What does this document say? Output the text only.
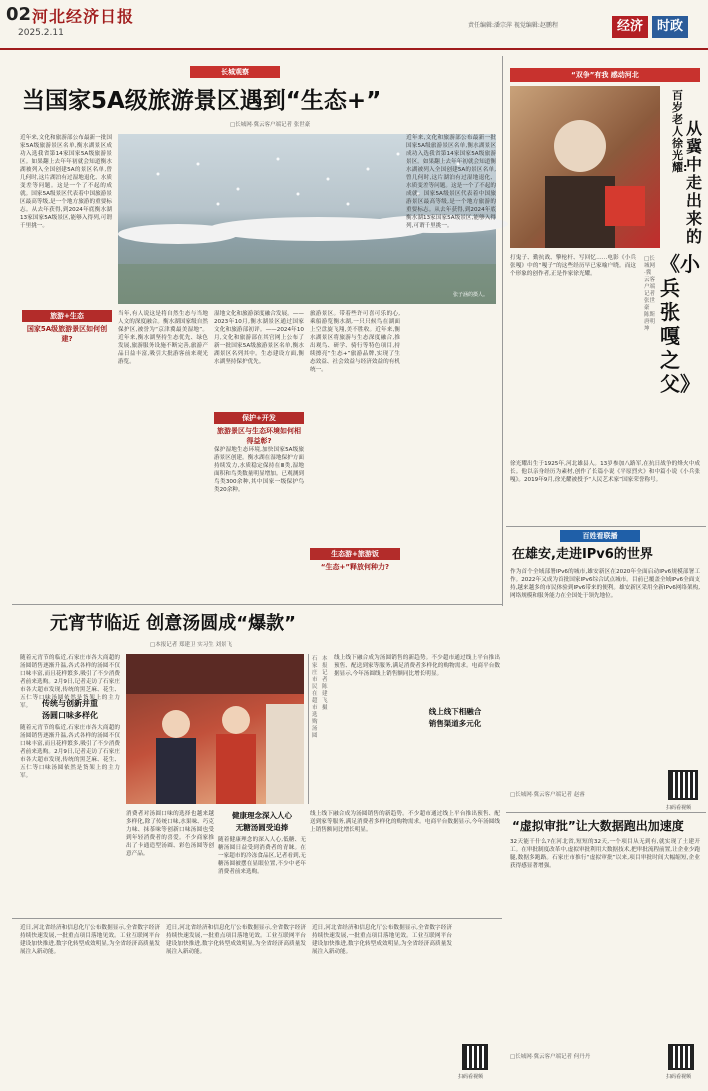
02 河北经济日报
2025.2.11
责任编辑:潘宗萍 视觉编辑:赵鹏程	经济	时政
长城观察
当国家5A级旅游景区遇到“生态+”
□长城网·冀云客户端记者 张世豪
近年来,文化和旅游部公布最新一批国家5A级旅游景区名单,衡水湖景区成功入选我省第14家国家5A级旅游景区。如果翻上去年年初就会知道衡水湖被列入全国创建5A的景区名单,曾几何时,这片湖泊有过湿地退化、水质变差等问题。这是一个了不起的成就。国家5A级景区代表着中国旅游景区最高等级,是一个地方旅游的重要标志。从去年获得,到2024年底衡水湖13家国家5A级景区,能够入得列,可谓千里挑一。
张子涵的摄人。
旅游+生态
国家5A级旅游景区如何创建?
当年,有人说这是将自然生态与当地人文的深度融合。衡水湖国家级自然保护区,被誉为“京津冀最美湿地”。近年来,衡水湖坚持生态优先、绿色发展,旅游服务设施不断完善,旅游产品日益丰富,吸引大批游客前来观光游览。
保护+开发
旅游景区与生态环境如何相得益彰?
湿地文化和旅游深度融合发展。——2023年10月,衡水湖景区通过国家文化和旅游部初评。——2024年10月,文化和旅游部在其官网上公布了新一批国家5A级旅游景区名单,衡水湖景区名列其中。生态建设方面,衡水湖坚持保护优先。
保护湿地生态环境,加快国家5A级旅游景区创建。衡水湖在湿地保护方面持续发力,水质稳定保持在Ⅲ类,湿地面积和鸟类数量明显增加。已观测到鸟类300余种,其中国家一级保护鸟类20余种。
旅游景区。带着些许可喜可乐的心,乘船游览衡水湖,一只只候鸟在湖面上空盘旋飞翔,美不胜收。近年来,衡水湖景区将旅游与生态深度融合,推出观鸟、研学、骑行等特色项目,持续擦亮“生态+”旅游品牌,实现了生态效益、社会效益与经济效益的有机统一。
生态游+旅游饭
“生态+”释放何种力?
近年来,文化和旅游部公布最新一批国家5A级旅游景区名单,衡水湖景区成功入选我省第14家国家5A级旅游景区。如果翻上去年年初就会知道衡水湖被列入全国创建5A的景区名单,曾几何时,这片湖泊有过湿地退化、水质变差等问题。这是一个了不起的成就。国家5A级景区代表着中国旅游景区最高等级,是一个地方旅游的重要标志。从去年获得,到2024年底衡水湖13家国家5A级景区,能够入得列,可谓千里挑一。
“双争”有我 感动河北
百岁老人徐光耀:
从冀中走出来的
《小兵张嘎之父》
□长城网·冀云客户端记者 张世豪 陈斯 唐明坤
打鬼子、勤抗战、擎枪杆、写回忆……电影《小兵张嘎》中的“嘎子”的这些经历早已家喻户晓。而这个形象的创作者,正是作家徐光耀。
徐光耀出生于1925年,河北雄县人。13岁参加八路军,在抗日战争的烽火中成长。他以亲身经历为素材,创作了长篇小说《平原烈火》和中篇小说《小兵张嘎》。2019年9月,徐光耀被授予“人民艺术家”国家荣誉称号。
百姓看联播
在雄安,走进IPv6的世界
作为首个全域部署IPv6的城市,雄安新区在2020年全面启动IPv6规模部署工作。2022年又成为首批国家IPv6综合试点城市。目前已覆盖全域IPv6全面支持,越来越多的市民体验到IPv6带来的便利。雄安新区采用全新IPv6网络架构,网络规模和服务能力在全国处于领先地位。
扫码看视频
□长城网·冀云客户端记者 赵睿
“虚拟审批”让大数据跑出加速度
32天能干什么?在河北省,短短的32天,一个项目从无到有,就实现了土建开工。在审批制度改革中,虚拟审批利用大数据技术,把审批流程前置,让企业少跑腿,数据多跑路。石家庄市推行“虚拟审批”以来,项目审批时间大幅缩短,企业获得感显著增强。
□长城网·冀云客户端记者 何丹丹
扫码看视频
元宵节临近 创意汤圆成“爆款”
□本报记者 郑建卫 实习生 刘景飞
随着元宵节的临近,石家庄市各大商超的汤圆销售逐渐升温,各式各样的汤圆不仅口味丰富,而且花样繁多,吸引了不少消费者前来选购。2月9日,记者走访了石家庄市各大超市发现,传统的黑芝麻、花生、五仁等口味汤圆依然是货架上的主力军。	传统与创新并重
汤圆口味多样化
随着元宵节的临近,石家庄市各大商超的汤圆销售逐渐升温,各式各样的汤圆不仅口味丰富,而且花样繁多,吸引了不少消费者前来选购。2月9日,记者走访了石家庄市各大超市发现,传统的黑芝麻、花生、五仁等口味汤圆依然是货架上的主力军。
石家庄市民在超市选购汤圆
本报记者 陈建飞摄
线上线下融合成为汤圆销售的新趋势。不少超市通过线上平台推出预售、配送到家等服务,满足消费者多样化的购物需求。电商平台数据显示,今年汤圆线上销售额同比增长明显。
消费者对汤圆口味的选择也越来越多样化,除了传统口味,水果味、巧克力味、抹茶味等创新口味汤圆也受到年轻消费者的喜爱。不少商家推出了卡通造型汤圆、彩色汤圆等创意产品。
健康理念深入人心
无糖汤圆受追捧
随着健康理念的深入人心,低糖、无糖汤圆日益受到消费者的青睐。在一家超市的冷冻食品区,记者看到,无糖汤圆被摆在显眼位置,不少中老年消费者前来选购。
线上线下相融合
销售渠道多元化
线上线下融合成为汤圆销售的新趋势。不少超市通过线上平台推出预售、配送到家等服务,满足消费者多样化的购物需求。电商平台数据显示,今年汤圆线上销售额同比增长明显。
近日,河北省经济和信息化厅公布数据显示,全省数字经济持续快速发展,一批重点项目落地见效。工业互联网平台建设加快推进,数字化转型成效明显,为全省经济高质量发展注入新动能。
近日,河北省经济和信息化厅公布数据显示,全省数字经济持续快速发展,一批重点项目落地见效。工业互联网平台建设加快推进,数字化转型成效明显,为全省经济高质量发展注入新动能。
近日,河北省经济和信息化厅公布数据显示,全省数字经济持续快速发展,一批重点项目落地见效。工业互联网平台建设加快推进,数字化转型成效明显,为全省经济高质量发展注入新动能。
扫码看视频
